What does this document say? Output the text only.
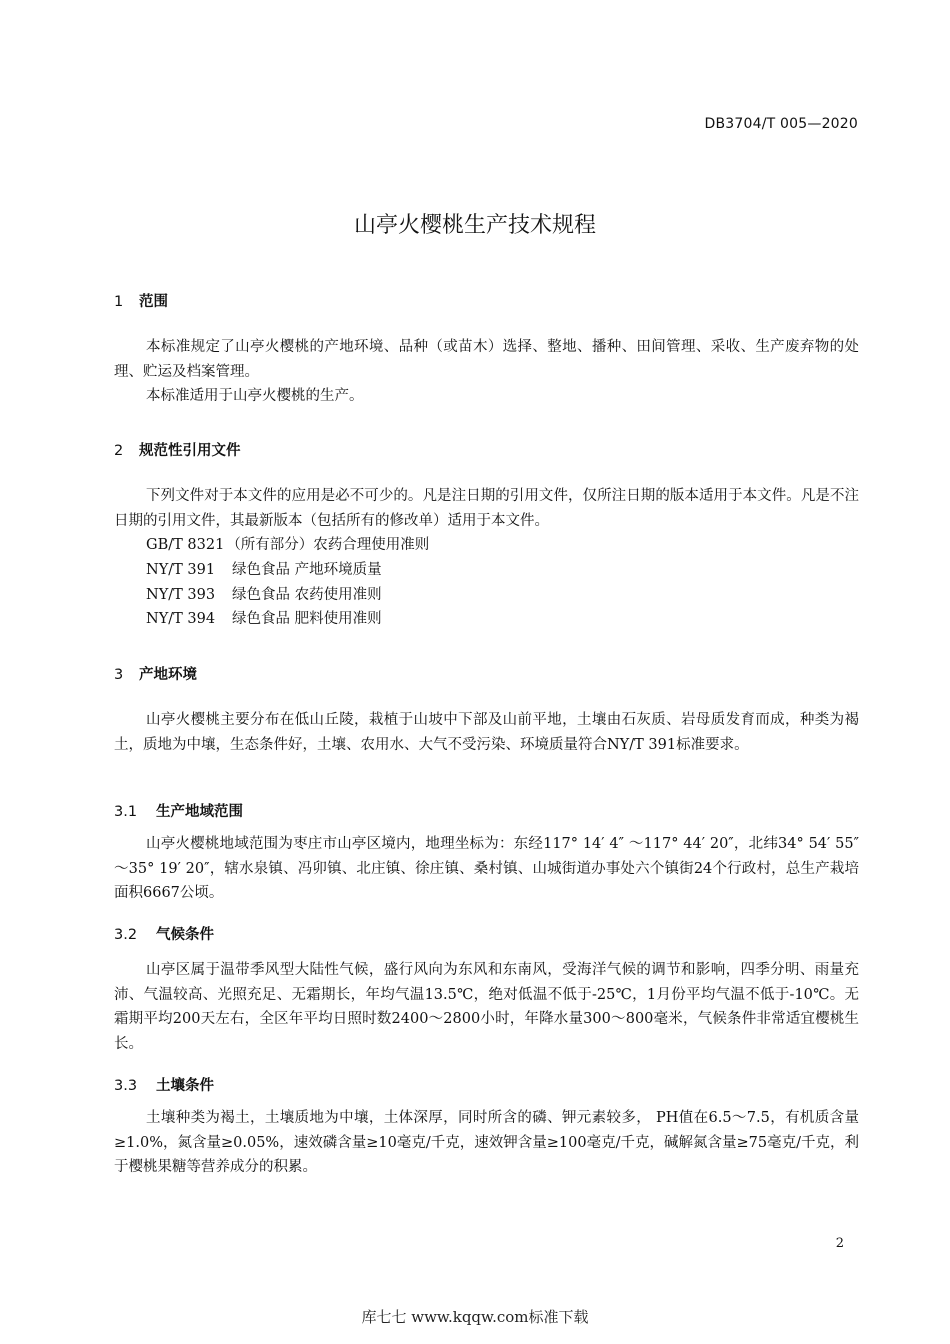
DB3704/T 005—2020
山亭火樱桃生产技术规程
1 范围

本标准规定了山亭火樱桃的产地环境、品种（或苗木）选择、整地、播种、田间管理、采收、生产废弃物的处理、贮运及档案管理。

本标准适用于山亭火樱桃的生产。

2 规范性引用文件

下列文件对于本文件的应用是必不可少的。凡是注日期的引用文件，仅所注日期的版本适用于本文件。凡是不注日期的引用文件，其最新版本（包括所有的修改单）适用于本文件。

GB/T 8321 （所有部分）农药合理使用准则
NY/T 391 绿色食品 产地环境质量
NY/T 393 绿色食品 农药使用准则
NY/T 394 绿色食品 肥料使用准则
3 产地环境

山亭火樱桃主要分布在低山丘陵，栽植于山坡中下部及山前平地，土壤由石灰质、岩母质发育而成，种类为褐土，质地为中壤，生态条件好，土壤、农用水、大气不受污染、环境质量符合NY/T 391标准要求。

3.1 生产地域范围

山亭火樱桃地域范围为枣庄市山亭区境内，地理坐标为：东经117° 14′ 4″ ～117° 44′ 20″，北纬34° 54′ 55″ ～35° 19′ 20″，辖水泉镇、冯卯镇、北庄镇、徐庄镇、桑村镇、山城街道办事处六个镇街24个行政村，总生产栽培面积6667公顷。

3.2 气候条件

山亭区属于温带季风型大陆性气候，盛行风向为东风和东南风，受海洋气候的调节和影响，四季分明、雨量充沛、气温较高、光照充足、无霜期长，年均气温13.5℃，绝对低温不低于-25℃，1月份平均气温不低于-10℃。无霜期平均200天左右，全区年平均日照时数2400～2800小时，年降水量300～800毫米，气候条件非常适宜樱桃生长。

3.3 土壤条件

土壤种类为褐土，土壤质地为中壤，土体深厚，同时所含的磷、钾元素较多， PH值在6.5～7.5，有机质含量≥1.0%，氮含量≥0.05%，速效磷含量≥10毫克/千克，速效钾含量≥100毫克/千克，碱解氮含量≥75毫克/千克，利于樱桃果糖等营养成分的积累。

2
库七七 www.kqqw.com标准下载
